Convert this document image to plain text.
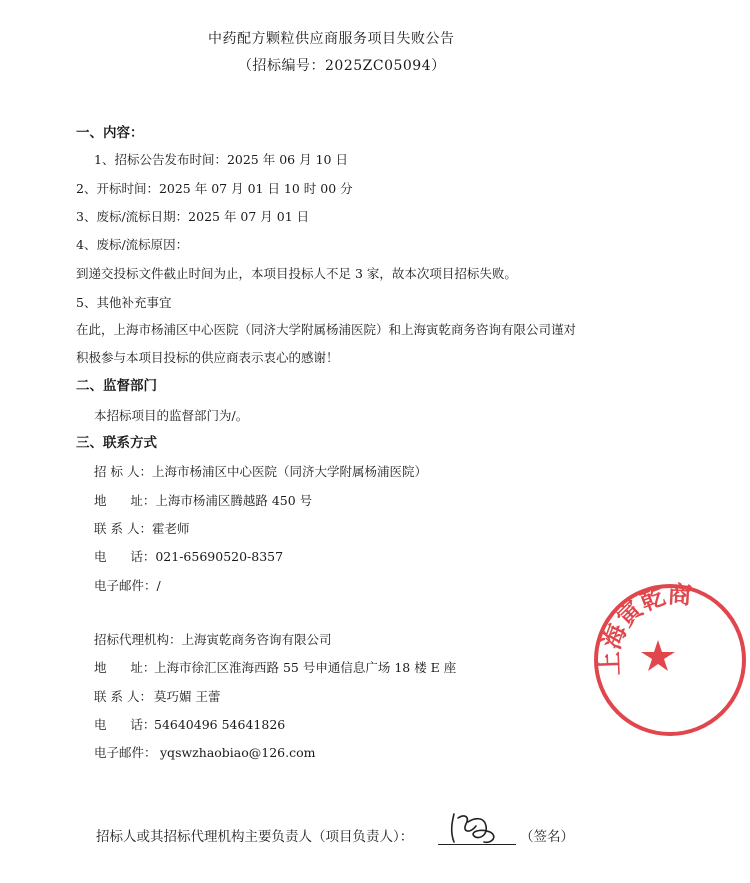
中药配方颗粒供应商服务项目失败公告
（招标编号：2025ZC05094）
一、内容：
1、招标公告发布时间：2025 年 06 月 10 日
2、开标时间：2025 年 07 月 01 日 10 时 00 分
3、废标/流标日期：2025 年 07 月 01 日
4、废标/流标原因：
到递交投标文件截止时间为止，本项目投标人不足 3 家，故本次项目招标失败。
5、其他补充事宜
在此，上海市杨浦区中心医院（同济大学附属杨浦医院）和上海寅乾商务咨询有限公司谨对
积极参与本项目投标的供应商表示衷心的感谢！
二、监督部门
本招标项目的监督部门为/。
三、联系方式
招 标 人：上海市杨浦区中心医院（同济大学附属杨浦医院）
地      址：上海市杨浦区腾越路 450 号
联 系 人：霍老师
电      话：021-65690520-8357
电子邮件：/
招标代理机构：上海寅乾商务咨询有限公司
地      址：上海市徐汇区淮海西路 55 号申通信息广场 18 楼 E 座
联 系 人： 莫巧媚 王蕾
电      话：54640496 54641826
电子邮件： yqswzhaobiao@126.com
招标人或其招标代理机构主要负责人（项目负责人）：	（签名）
上海寅乾商
